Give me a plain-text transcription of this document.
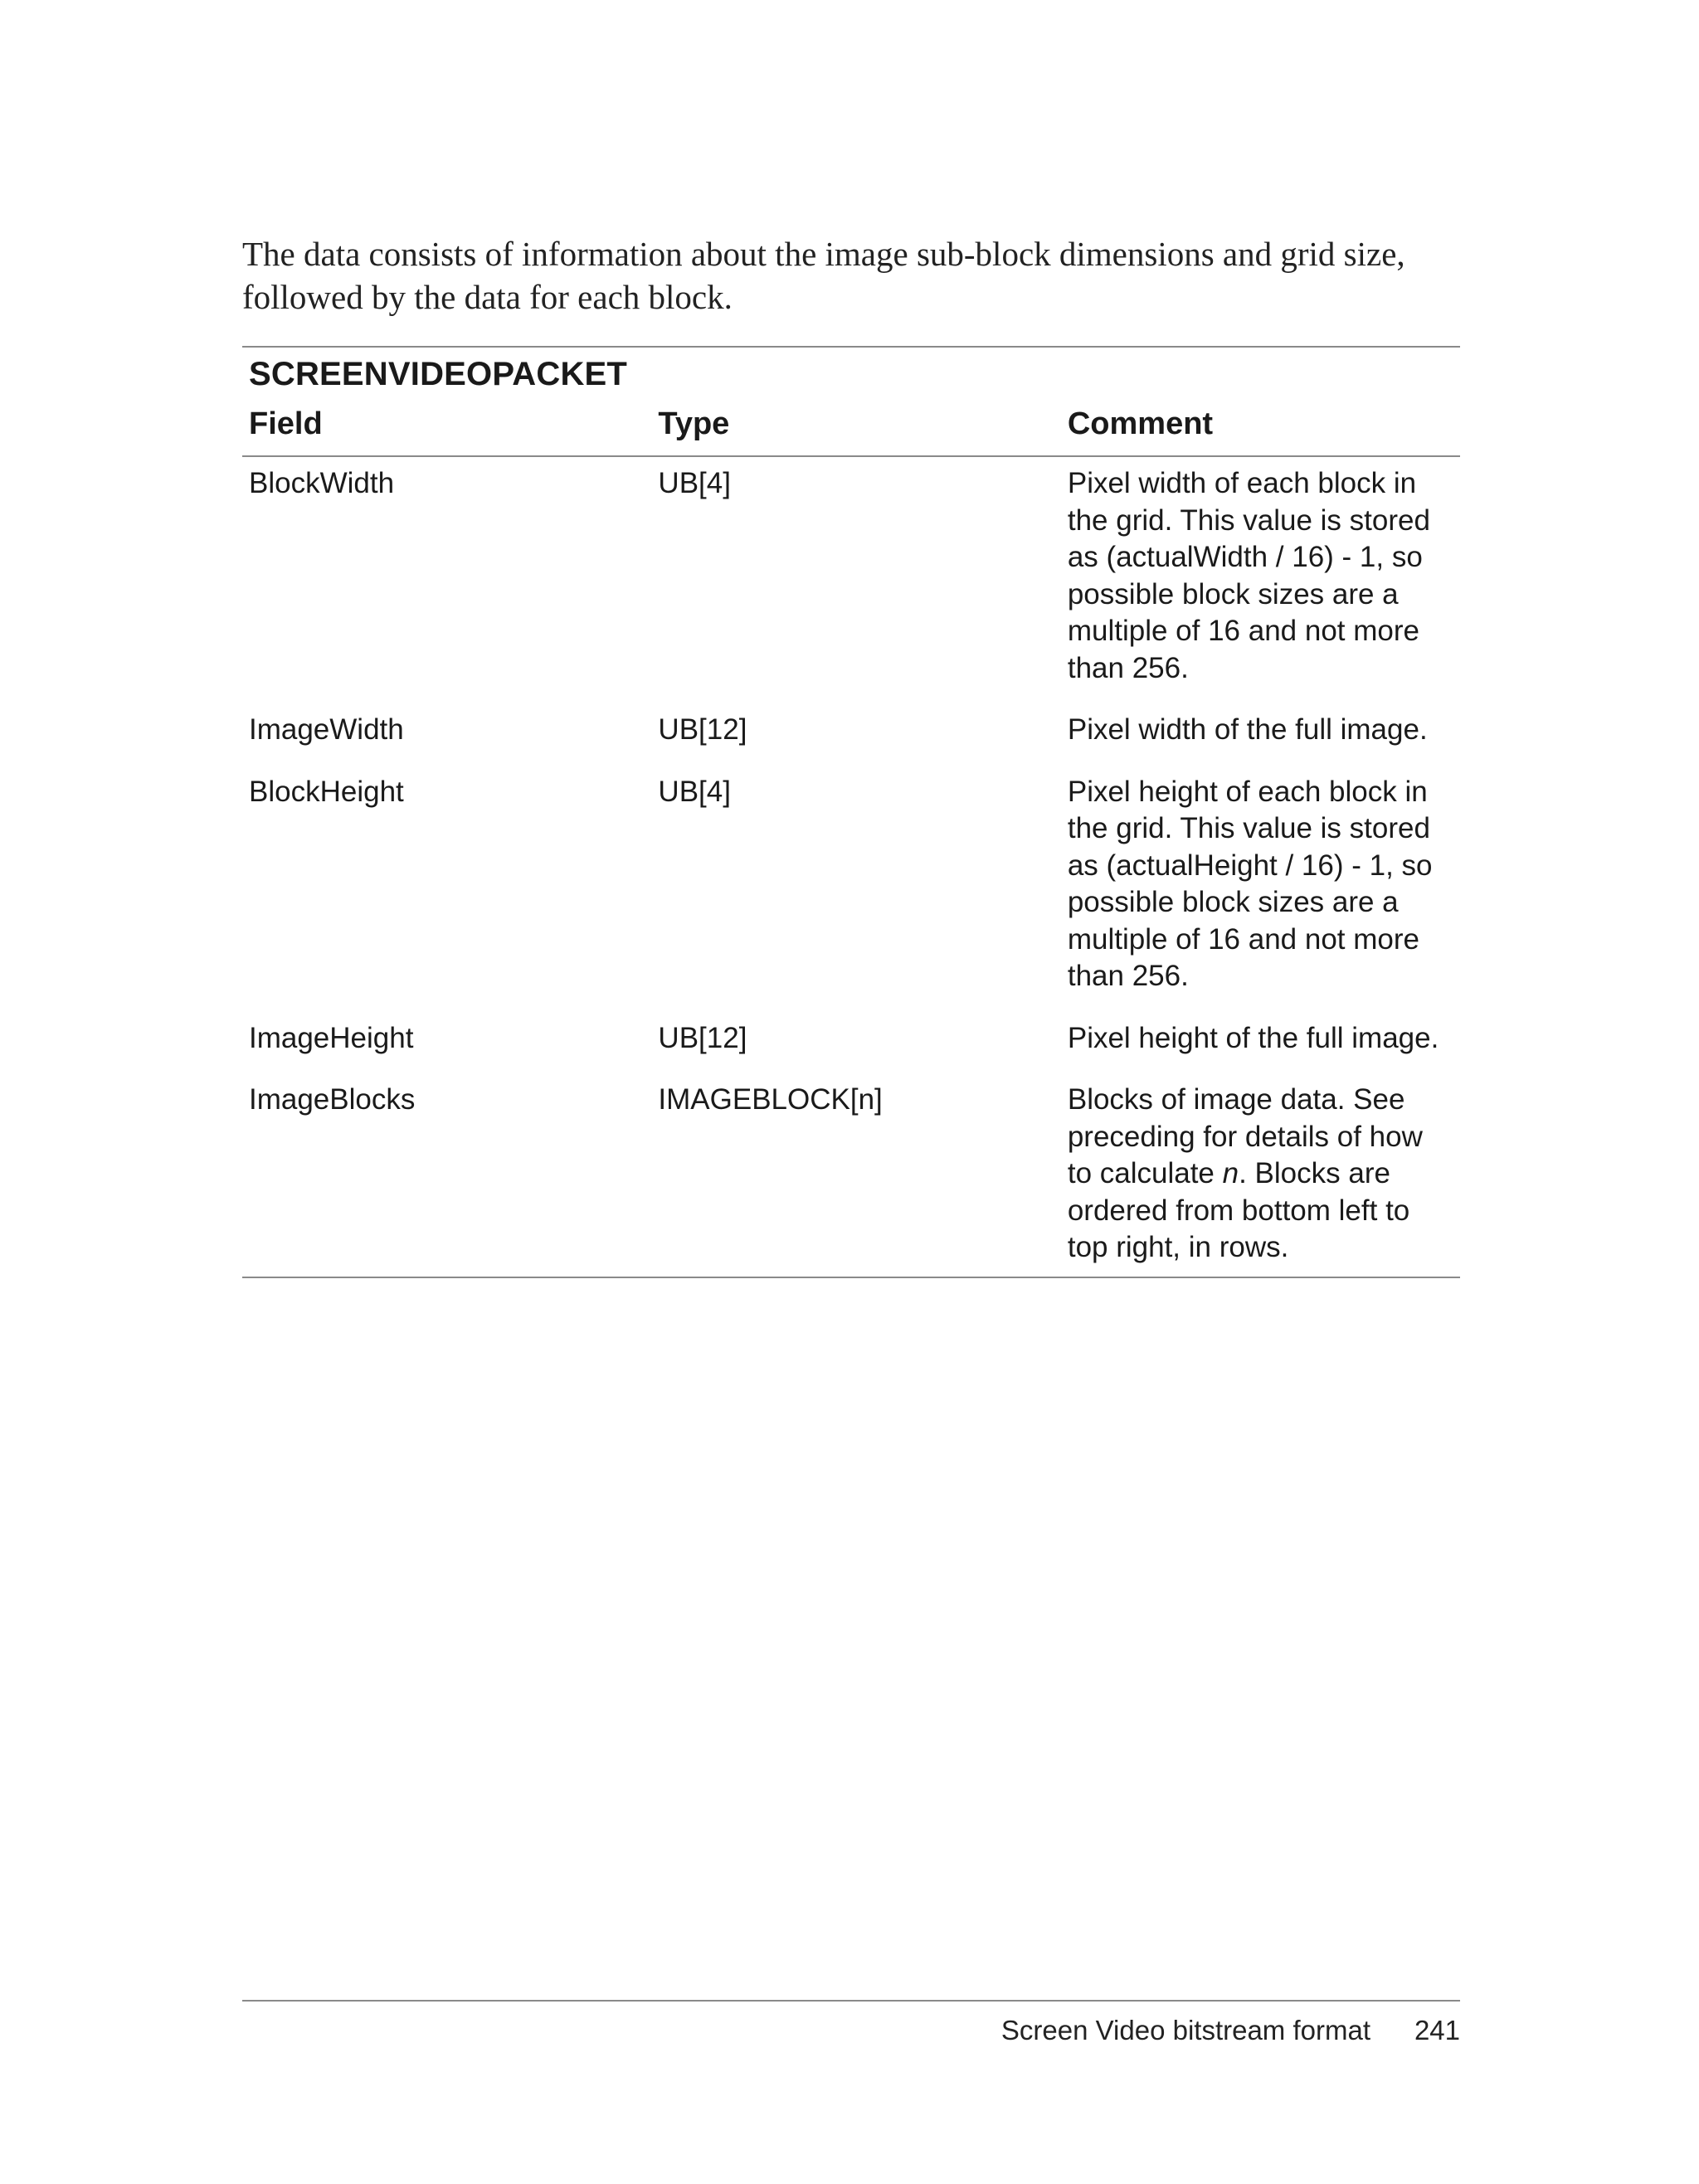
The data consists of information about the image sub-block dimensions and grid size, followed by the data for each block.

SCREENVIDEOPACKET		
Field	Type	Comment
BlockWidth	UB[4]	Pixel width of each block in the grid. This value is stored as (actualWidth / 16) - 1, so possible block sizes are a multiple of 16 and not more than 256.
ImageWidth	UB[12]	Pixel width of the full image.
BlockHeight	UB[4]	Pixel height of each block in the grid. This value is stored as (actualHeight / 16) - 1, so possible block sizes are a multiple of 16 and not more than 256.
ImageHeight	UB[12]	Pixel height of the full image.
ImageBlocks	IMAGEBLOCK[n]	Blocks of image data. See preceding for details of how to calculate n. Blocks are ordered from bottom left to top right, in rows.
Screen Video bitstream format 241
